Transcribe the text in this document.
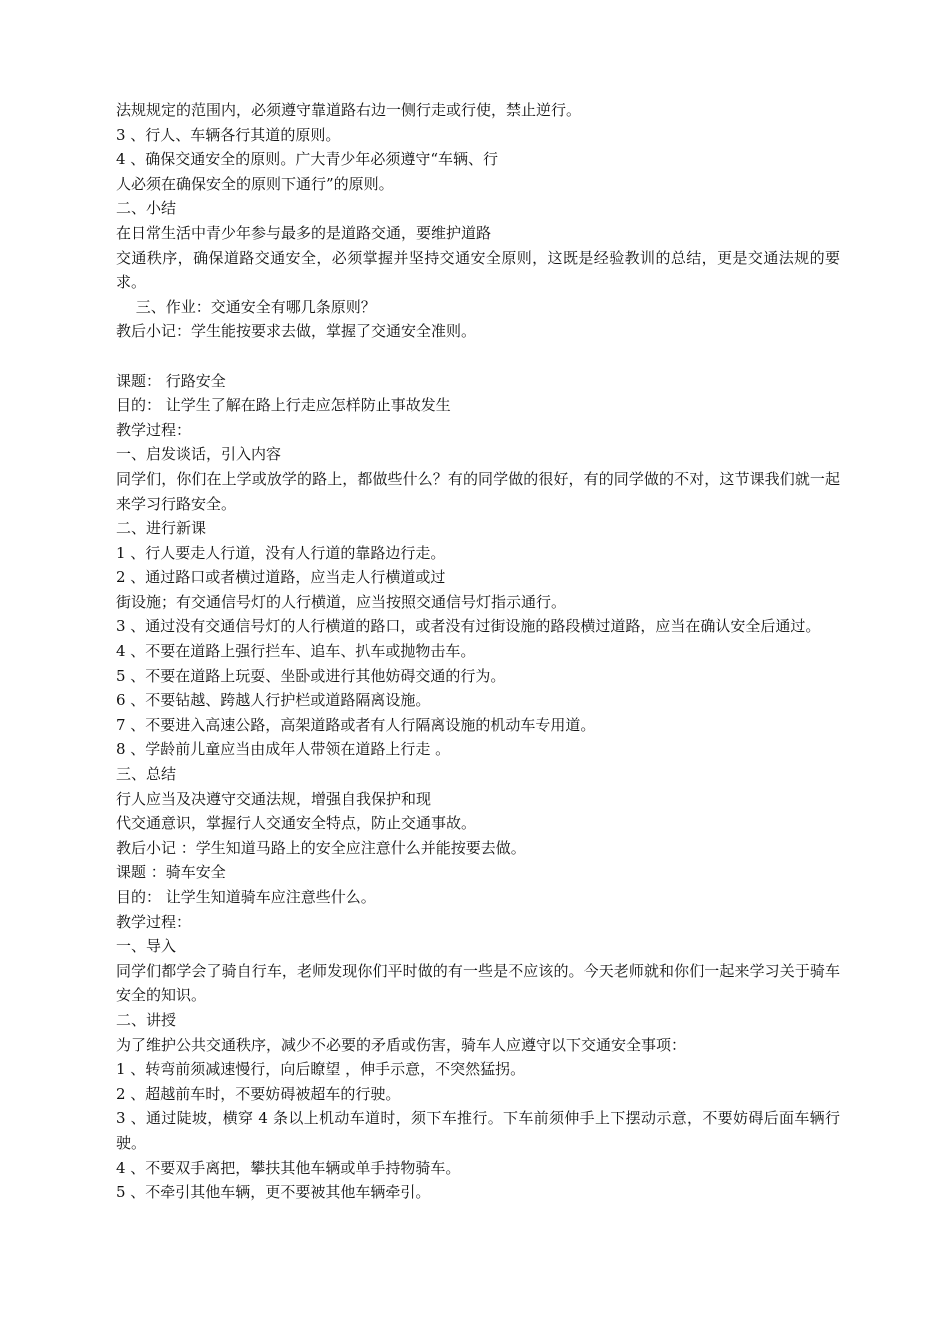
法规规定的范围内，必须遵守靠道路右边一侧行走或行使，禁止逆行。
3 、行人、车辆各行其道的原则。
4 、确保交通安全的原则。广大青少年必须遵守“车辆、行
人必须在确保安全的原则下通行”的原则。
二、小结
在日常生活中青少年参与最多的是道路交通，要维护道路
交通秩序，确保道路交通安全，必须掌握并坚持交通安全原则，这既是经验教训的总结，更是交通法规的要求。
　 三、作业：交通安全有哪几条原则？
教后小记：学生能按要求去做，掌握了交通安全准则。
课题： 行路安全
目的： 让学生了解在路上行走应怎样防止事故发生
教学过程：
一、启发谈话，引入内容
同学们，你们在上学或放学的路上，都做些什么？有的同学做的很好，有的同学做的不对，这节课我们就一起来学习行路安全。
二、进行新课
1 、行人要走人行道，没有人行道的靠路边行走。
2 、通过路口或者横过道路，应当走人行横道或过
街设施；有交通信号灯的人行横道，应当按照交通信号灯指示通行。
3 、通过没有交通信号灯的人行横道的路口，或者没有过街设施的路段横过道路，应当在确认安全后通过。
4 、不要在道路上强行拦车、追车、扒车或抛物击车。
5 、不要在道路上玩耍、坐卧或进行其他妨碍交通的行为。
6 、不要钻越、跨越人行护栏或道路隔离设施。
7 、不要进入高速公路，高架道路或者有人行隔离设施的机动车专用道。
8 、学龄前儿童应当由成年人带领在道路上行走 。
三、总结
行人应当及决遵守交通法规，增强自我保护和现
代交通意识，掌握行人交通安全特点，防止交通事故。
教后小记 ：学生知道马路上的安全应注意什么并能按要去做。
课题 ：骑车安全
目的： 让学生知道骑车应注意些什么。
教学过程：
一、导入
同学们都学会了骑自行车，老师发现你们平时做的有一些是不应该的。今天老师就和你们一起来学习关于骑车安全的知识。
二、讲授
为了维护公共交通秩序，减少不必要的矛盾或伤害，骑车人应遵守以下交通安全事项：
1 、转弯前须减速慢行，向后瞭望 ，伸手示意，不突然猛拐。
2 、超越前车时，不要妨碍被超车的行驶。
3 、通过陡坡，横穿 4 条以上机动车道时，须下车推行。下车前须伸手上下摆动示意，不要妨碍后面车辆行驶。
4 、不要双手离把，攀扶其他车辆或单手持物骑车。
5 、不牵引其他车辆，更不要被其他车辆牵引。
